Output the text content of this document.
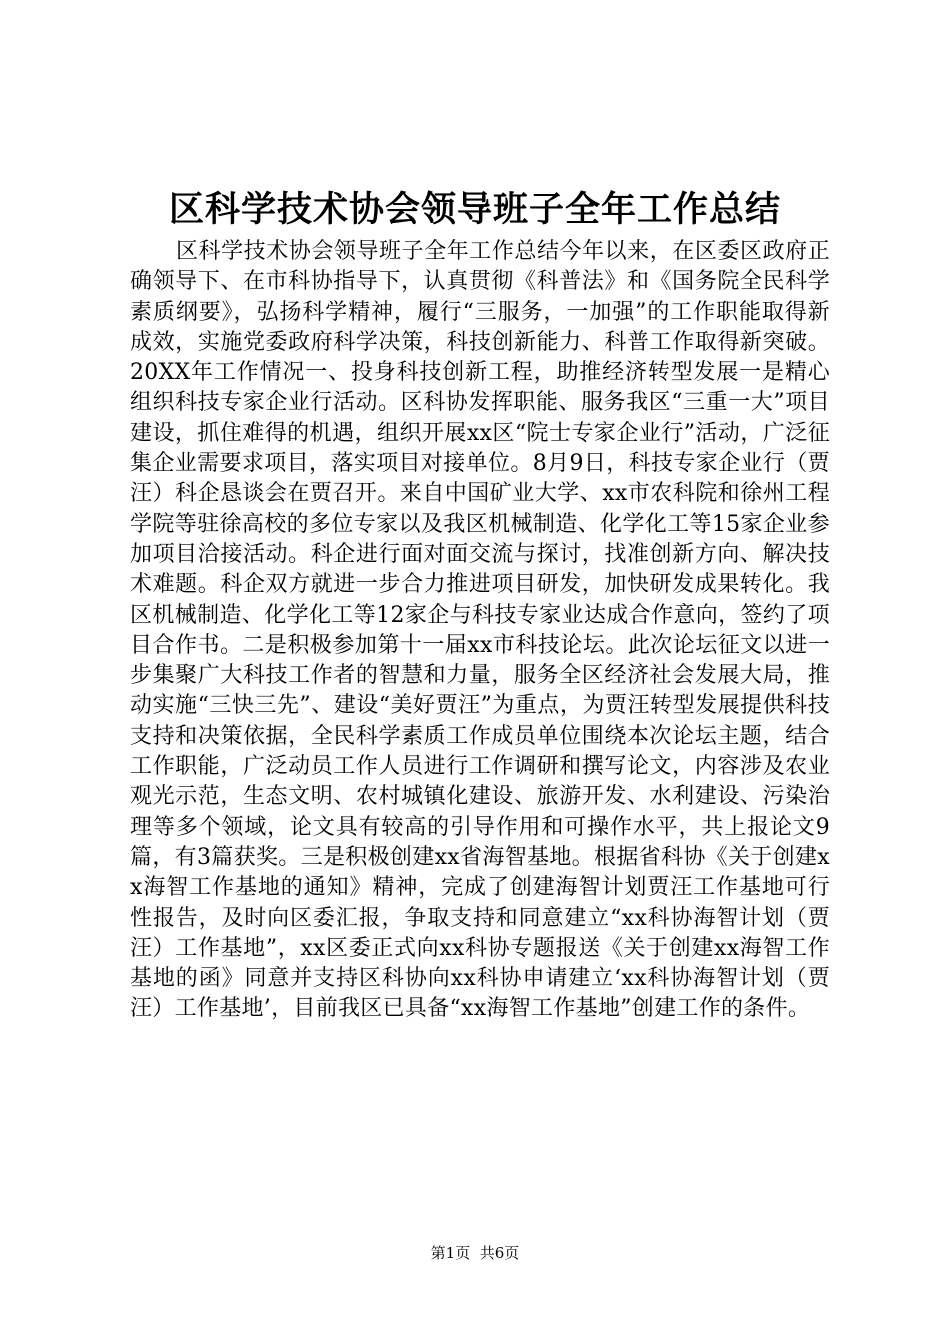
区科学技术协会领导班子全年工作总结

区科学技术协会领导班子全年工作总结今年以来，在区委区政府正确领导下、在市科协指导下，认真贯彻《科普法》和《国务院全民科学素质纲要》，弘扬科学精神，履行“三服务，一加强”的工作职能取得新成效，实施党委政府科学决策，科技创新能力、科普工作取得新突破。20XX年工作情况一、投身科技创新工程，助推经济转型发展一是精心组织科技专家企业行活动。区科协发挥职能、服务我区“三重一大”项目建设，抓住难得的机遇，组织开展xx区“院士专家企业行”活动，广泛征集企业需要求项目，落实项目对接单位。8月9日，科技专家企业行（贾汪）科企恳谈会在贾召开。来自中国矿业大学、xx市农科院和徐州工程学院等驻徐高校的多位专家以及我区机械制造、化学化工等15家企业参加项目洽接活动。科企进行面对面交流与探讨，找准创新方向、解决技术难题。科企双方就进一步合力推进项目研发，加快研发成果转化。我区机械制造、化学化工等12家企与科技专家业达成合作意向，签约了项目合作书。二是积极参加第十一届xx市科技论坛。此次论坛征文以进一步集聚广大科技工作者的智慧和力量，服务全区经济社会发展大局，推动实施“三快三先”、建设“美好贾汪”为重点，为贾汪转型发展提供科技支持和决策依据，全民科学素质工作成员单位围绕本次论坛主题，结合工作职能，广泛动员工作人员进行工作调研和撰写论文，内容涉及农业观光示范，生态文明、农村城镇化建设、旅游开发、水利建设、污染治理等多个领域，论文具有较高的引导作用和可操作水平，共上报论文9篇，有3篇获奖。三是积极创建xx省海智基地。根据省科协《关于创建xx海智工作基地的通知》精神，完成了创建海智计划贾汪工作基地可行性报告，及时向区委汇报，争取支持和同意建立“xx科协海智计划（贾汪）工作基地”，xx区委正式向xx科协专题报送《关于创建xx海智工作基地的函》同意并支持区科协向xx科协申请建立‘xx科协海智计划（贾汪）工作基地’，目前我区已具备“xx海智工作基地”创建工作的条件。

第1页 共6页
